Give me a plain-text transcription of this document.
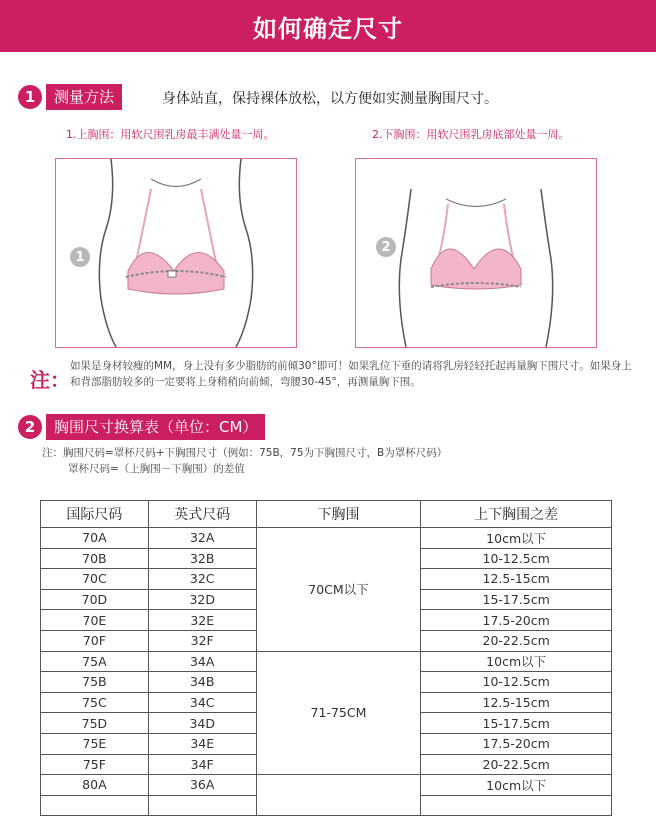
如何确定尺寸
1	测量方法	身体站直，保持裸体放松，以方便如实测量胸围尺寸。
1.上胸围：用软尺围乳房最丰满处量一周。	2.下胸围：用软尺围乳房底部处量一周。
1
2
注：
如果是身材较瘦的MM，身上没有多少脂肪的前倾30°即可！如果乳位下垂的请将乳房轻轻托起再量胸下围尺寸。如果身上和背部脂肪较多的一定要将上身稍稍向前倾，弯腰30-45°，再测量胸下围。
2	胸围尺寸换算表（单位：CM）
注：胸围尺码=罩杯尺码+下胸围尺寸（例如：75B，75为下胸围尺寸，B为罩杯尺码）
罩杯尺码=（上胸围－下胸围）的差值
国际尺码	英式尺码	下胸围	上下胸围之差
70A	32A	70CM以下	10cm以下
70B	32B		10-12.5cm
70C	32C		12.5-15cm
70D	32D		15-17.5cm
70E	32E		17.5-20cm
70F	32F		20-22.5cm
75A	34A	71-75CM	10cm以下
75B	34B		10-12.5cm
75C	34C		12.5-15cm
75D	34D		15-17.5cm
75E	34E		17.5-20cm
75F	34F		20-22.5cm
80A	36A		10cm以下
